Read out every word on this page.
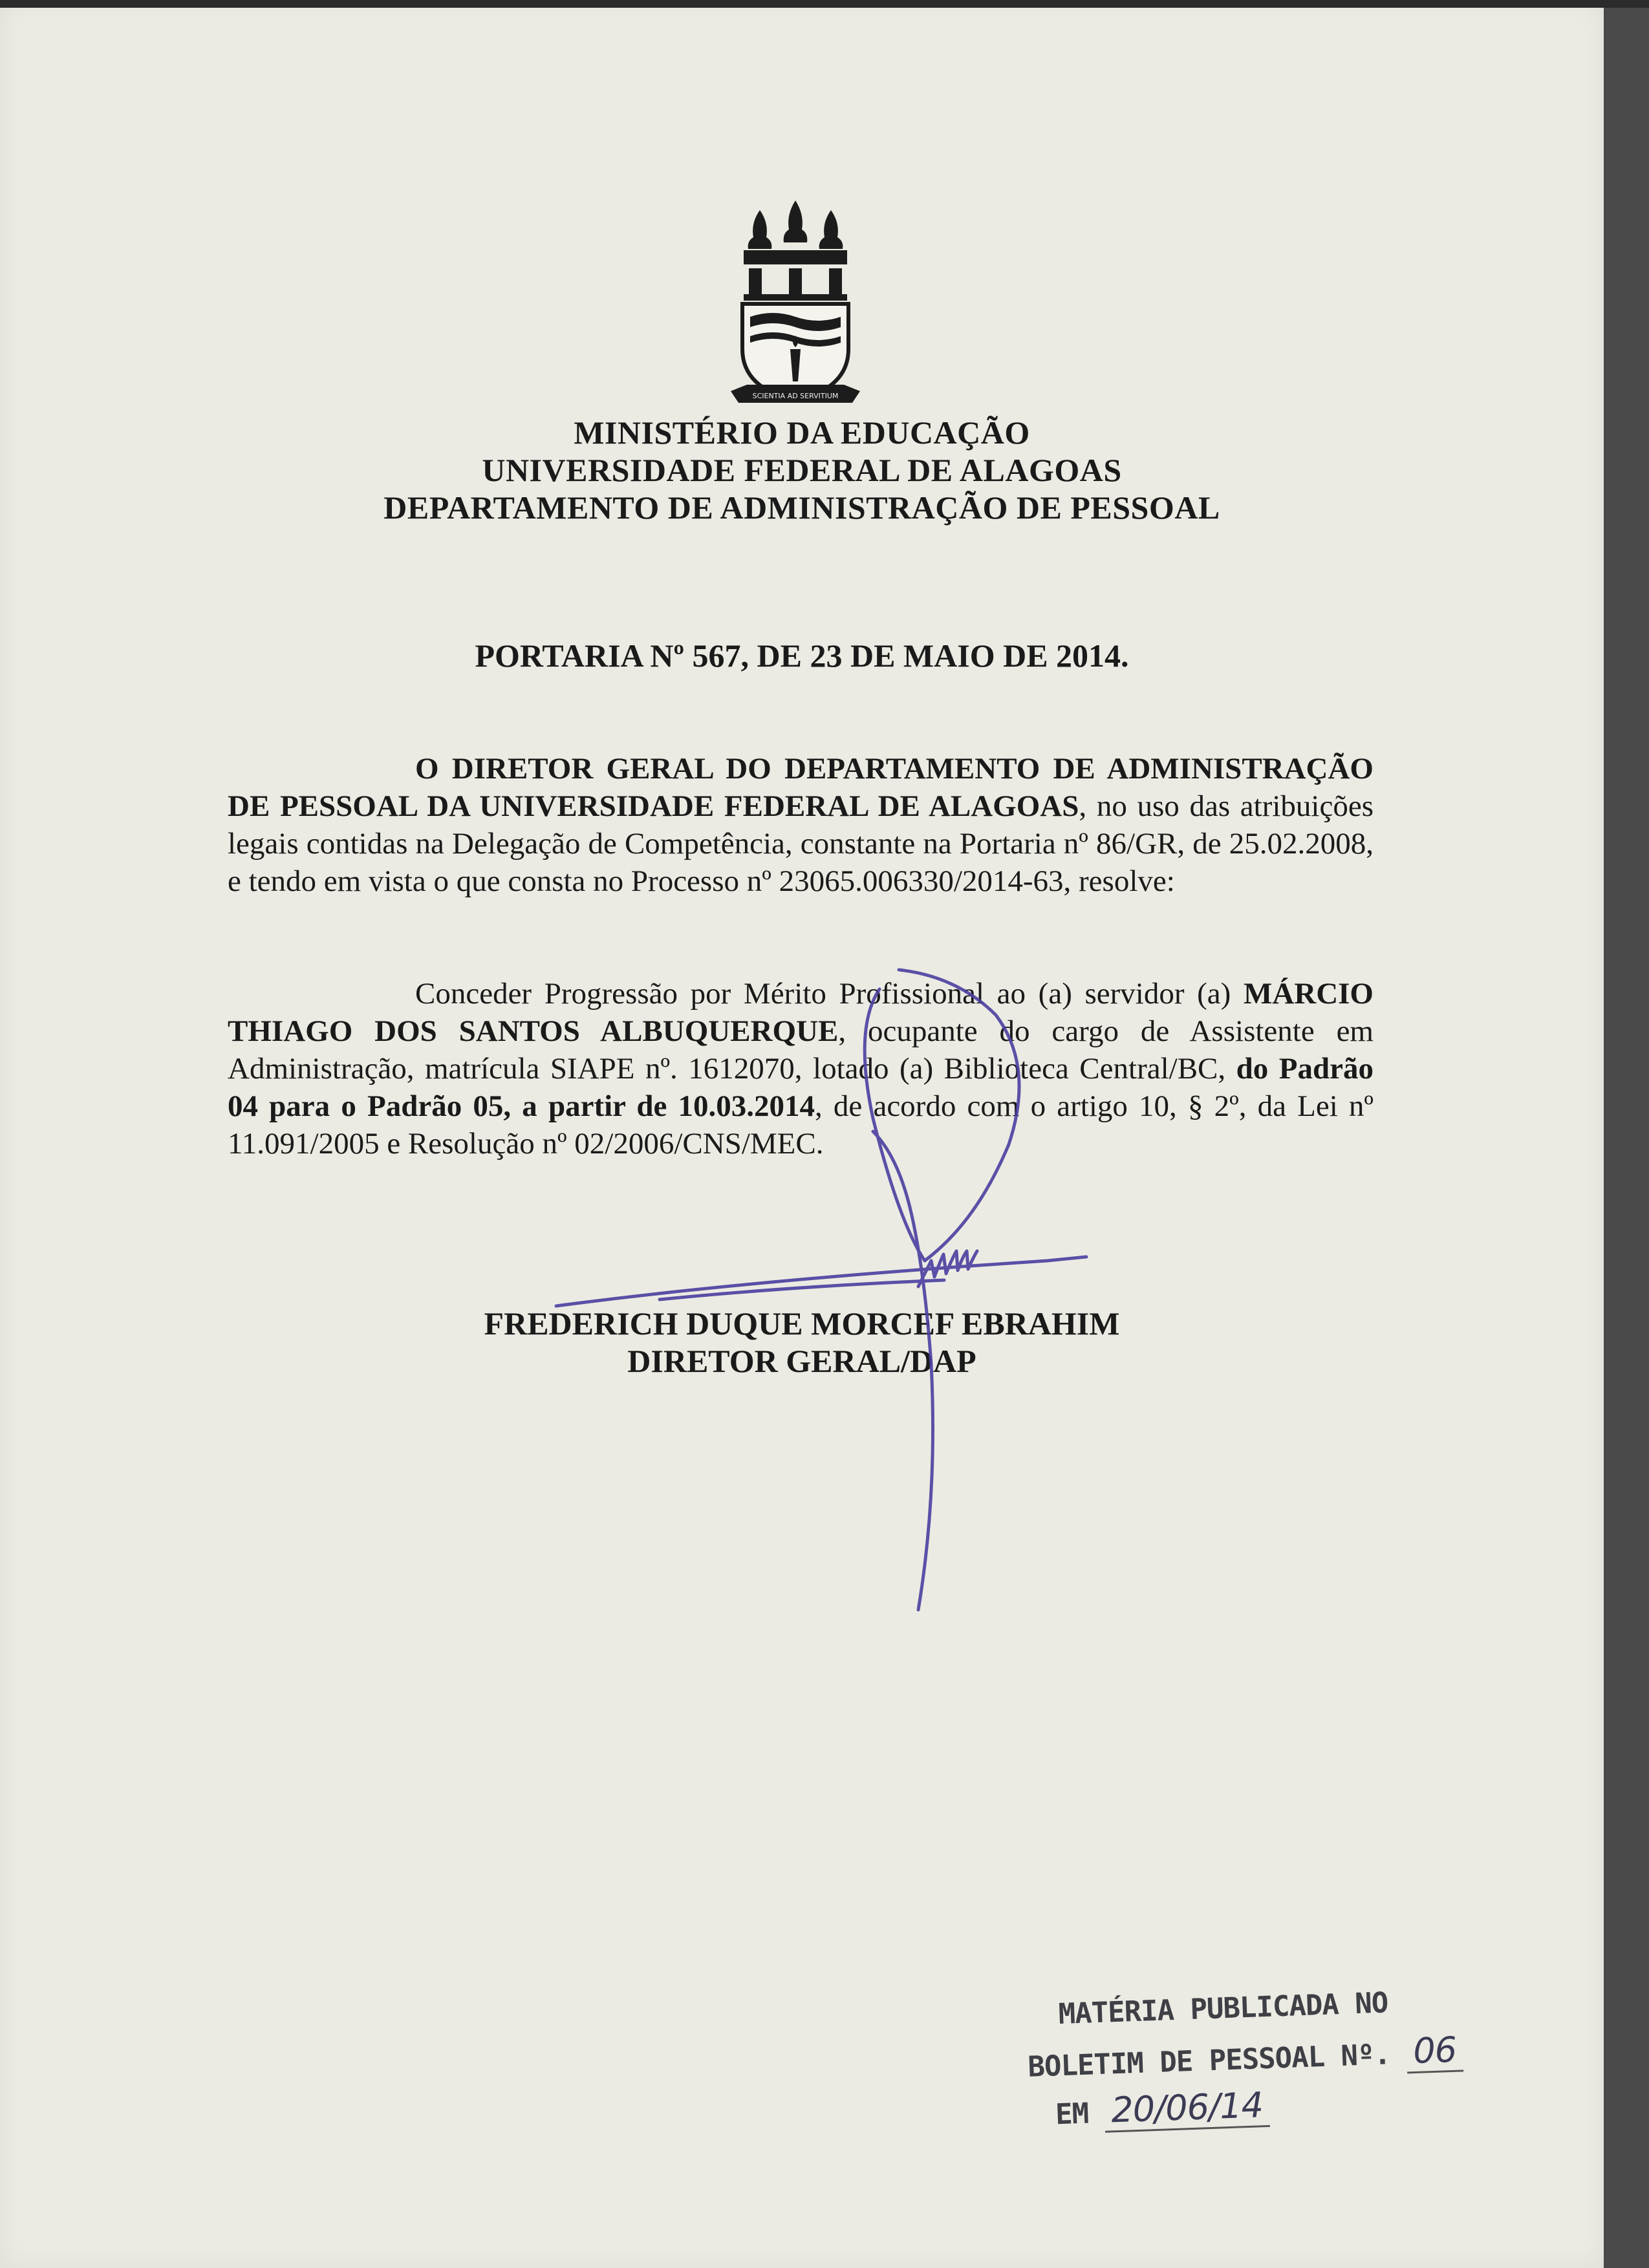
SCIENTIA AD SERVITIUM
MINISTÉRIO DA EDUCAÇÃO
UNIVERSIDADE FEDERAL DE ALAGOAS
DEPARTAMENTO DE ADMINISTRAÇÃO DE PESSOAL
PORTARIA Nº 567, DE 23 DE MAIO DE 2014.
O DIRETOR GERAL DO DEPARTAMENTO DE ADMINISTRAÇÃO DE PESSOAL DA UNIVERSIDADE FEDERAL DE ALAGOAS, no uso das atribuições legais contidas na Delegação de Competência, constante na Portaria nº 86/GR, de 25.02.2008, e tendo em vista o que consta no Processo nº 23065.006330/2014-63, resolve:
Conceder Progressão por Mérito Profissional ao (a) servidor (a) MÁRCIO THIAGO DOS SANTOS ALBUQUERQUE, ocupante do cargo de Assistente em Administração, matrícula SIAPE nº. 1612070, lotado (a) Biblioteca Central/BC, do Padrão 04 para o Padrão 05, a partir de 10.03.2014, de acordo com o artigo 10, § 2º, da Lei nº 11.091/2005 e Resolução nº 02/2006/CNS/MEC.
FREDERICH DUQUE MORCEF EBRAHIM
DIRETOR GERAL/DAP
MATÉRIA PUBLICADA NO
BOLETIM DE PESSOAL Nº. 06
EM 20/06/14
